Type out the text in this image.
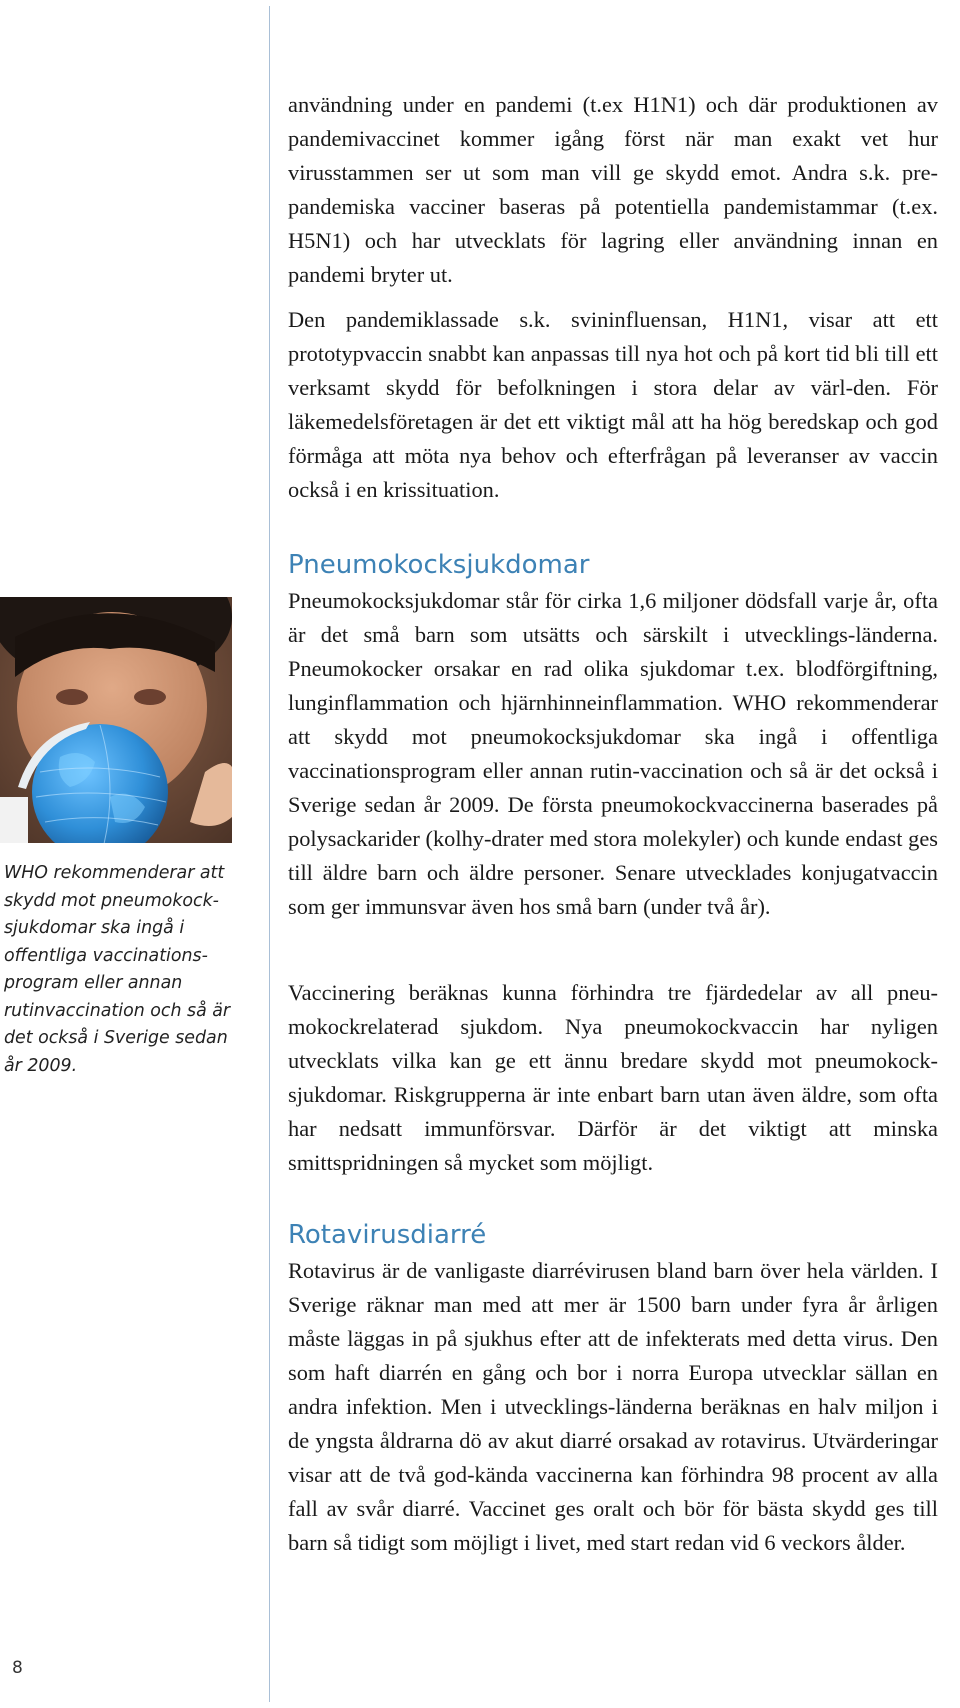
användning under en pandemi (t.ex H1N1) och där produktionen av pandemivaccinet kommer igång först när man exakt vet hur virusstammen ser ut som man vill ge skydd emot. Andra s.k. pre-pandemiska vacciner baseras på potentiella pandemistammar (t.ex. H5N1) och har utvecklats för lagring eller användning innan en pandemi bryter ut.

Den pandemiklassade s.k. svininfluensan, H1N1, visar att ett prototypvaccin snabbt kan anpassas till nya hot och på kort tid bli till ett verksamt skydd för befolkningen i stora delar av värl-den. För läkemedelsföretagen är det ett viktigt mål att ha hög beredskap och god förmåga att möta nya behov och efterfrågan på leveranser av vaccin också i en krissituation.

Pneumokocksjukdomar

Pneumokocksjukdomar står för cirka 1,6 miljoner dödsfall varje år, ofta är det små barn som utsätts och särskilt i utvecklings-länderna. Pneumokocker orsakar en rad olika sjukdomar t.ex. blodförgiftning, lunginflammation och hjärnhinneinflammation. WHO rekommenderar att skydd mot pneumokocksjukdomar ska ingå i offentliga vaccinationsprogram eller annan rutin-vaccination och så är det också i Sverige sedan år 2009. De första pneumokockvaccinerna baserades på polysackarider (kolhy-drater med stora molekyler) och kunde endast ges till äldre barn och äldre personer. Senare utvecklades konjugatvaccin som ger immunsvar även hos små barn (under två år).

Vaccinering beräknas kunna förhindra tre fjärdedelar av all pneu-mokockrelaterad sjukdom. Nya pneumokockvaccin har nyligen utvecklats vilka kan ge ett ännu bredare skydd mot pneumokock-sjukdomar. Riskgrupperna är inte enbart barn utan även äldre, som ofta har nedsatt immunförsvar. Därför är det viktigt att minska smittspridningen så mycket som möjligt.

Rotavirusdiarré

Rotavirus är de vanligaste diarrévirusen bland barn över hela världen. I Sverige räknar man med att mer är 1500 barn under fyra år årligen måste läggas in på sjukhus efter att de infekterats med detta virus. Den som haft diarrén en gång och bor i norra Europa utvecklar sällan en andra infektion. Men i utvecklings-länderna beräknas en halv miljon i de yngsta åldrarna dö av akut diarré orsakad av rotavirus. Utvärderingar visar att de två god-kända vaccinerna kan förhindra 98 procent av alla fall av svår diarré. Vaccinet ges oralt och bör för bästa skydd ges till barn så tidigt som möjligt i livet, med start redan vid 6 veckors ålder.

WHO rekommenderar att skydd mot pneumokock-sjukdomar ska ingå i offentliga vaccinations-program eller annan rutinvaccination och så är det också i Sverige sedan år 2009.

8
